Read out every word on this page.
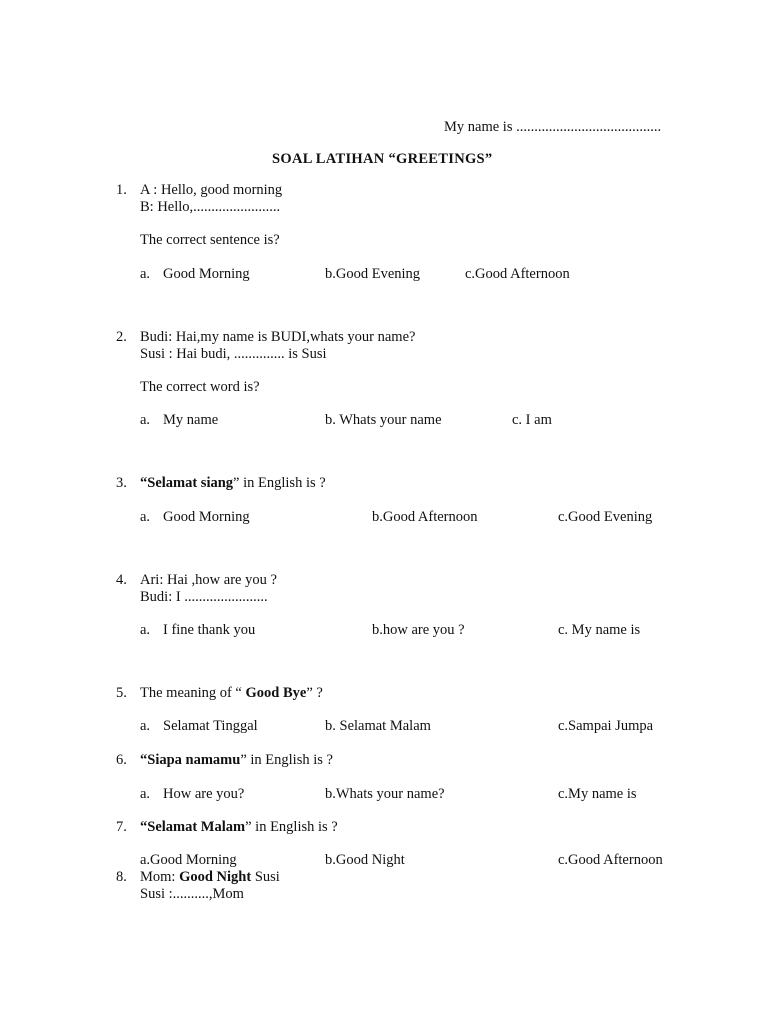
My name is ........................................
SOAL LATIHAN “GREETINGS”
1. A : Hello, good morning
B: Hello,........................
The correct sentence is?
a. Good Morning	b.Good Evening	c.Good Afternoon
2. Budi: Hai,my name is BUDI,whats your name?
Susi : Hai budi, .............. is Susi
The correct word is?
a. My name	b. Whats your name	c. I am
3. “Selamat siang” in English is ?
a. Good Morning	b.Good Afternoon	c.Good Evening
4. Ari: Hai ,how are you ?
Budi: I .......................
a. I fine thank you	b.how are you ?	c. My name is
5. The meaning of “ Good Bye” ?
a. Selamat Tinggal	b. Selamat Malam	c.Sampai Jumpa
6. “Siapa namamu” in English is ?
a. How are you?	b.Whats your name?	c.My name is
7. “Selamat Malam” in English is ?
a.Good Morning	b.Good Night	c.Good Afternoon
8. Mom: Good Night Susi
Susi :..........,Mom
